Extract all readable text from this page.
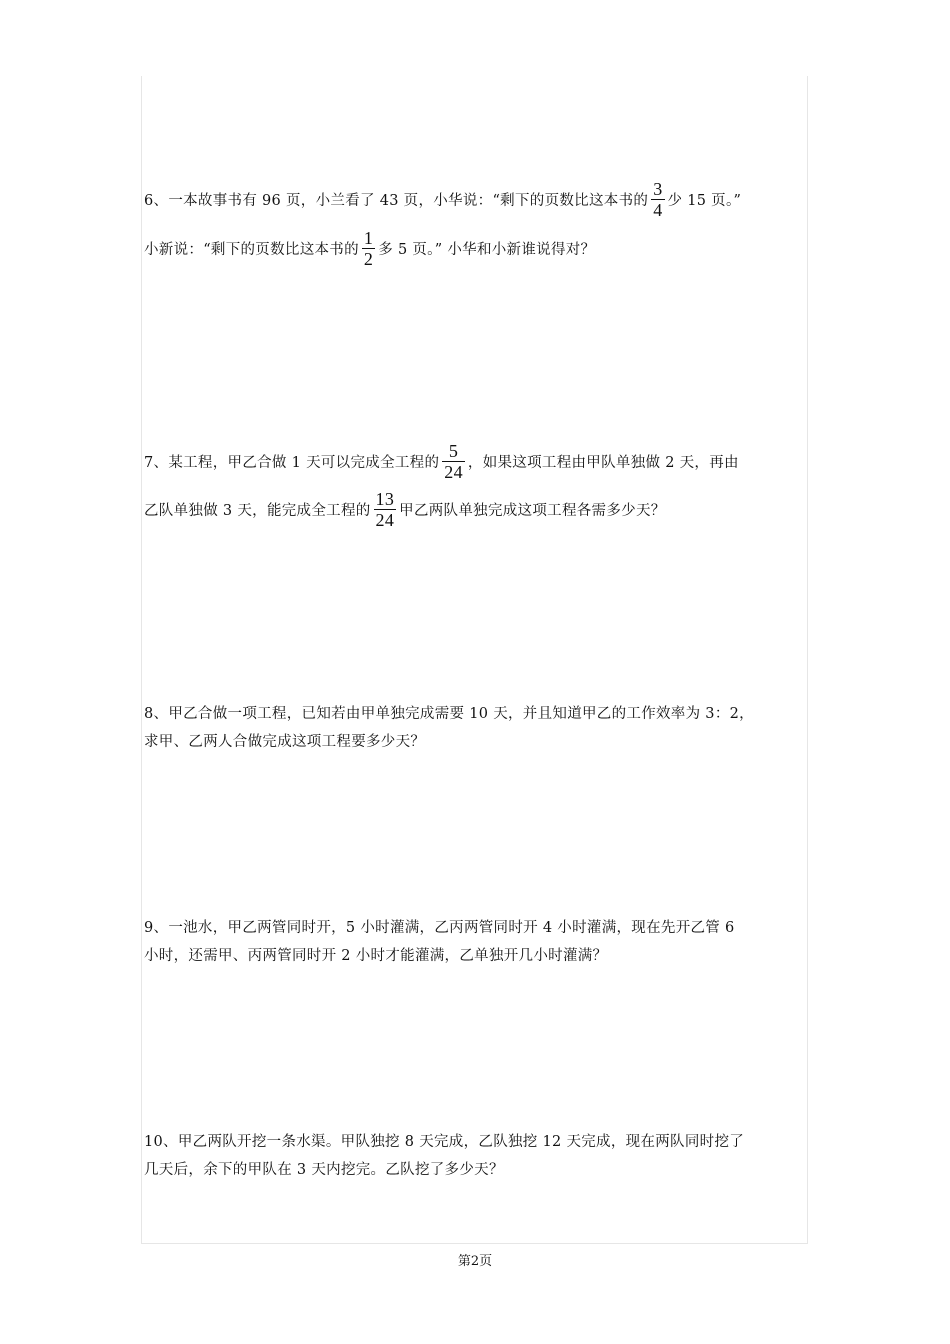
6、一本故事书有 96 页，小兰看了 43 页，小华说：“剩下的页数比这本书的 $\frac{3}{4}$ 少 15 页。”
小新说：“剩下的页数比这本书的 $\frac{1}{2}$ 多 5 页。” 小华和小新谁说得对？
7、某工程，甲乙合做 1 天可以完成全工程的 $\frac{5}{24}$ ，如果这项工程由甲队单独做 2 天，再由
乙队单独做 3 天，能完成全工程的 $\frac{13}{24}$ 甲乙两队单独完成这项工程各需多少天？
8、甲乙合做一项工程，已知若由甲单独完成需要 10 天，并且知道甲乙的工作效率为 3：2，
求甲、乙两人合做完成这项工程要多少天？
9、一池水，甲乙两管同时开，5 小时灌满，乙丙两管同时开 4 小时灌满，现在先开乙管 6
小时，还需甲、丙两管同时开 2 小时才能灌满，乙单独开几小时灌满？
10、甲乙两队开挖一条水渠。甲队独挖 8 天完成，乙队独挖 12 天完成，现在两队同时挖了
几天后，余下的甲队在 3 天内挖完。乙队挖了多少天？
第2页
